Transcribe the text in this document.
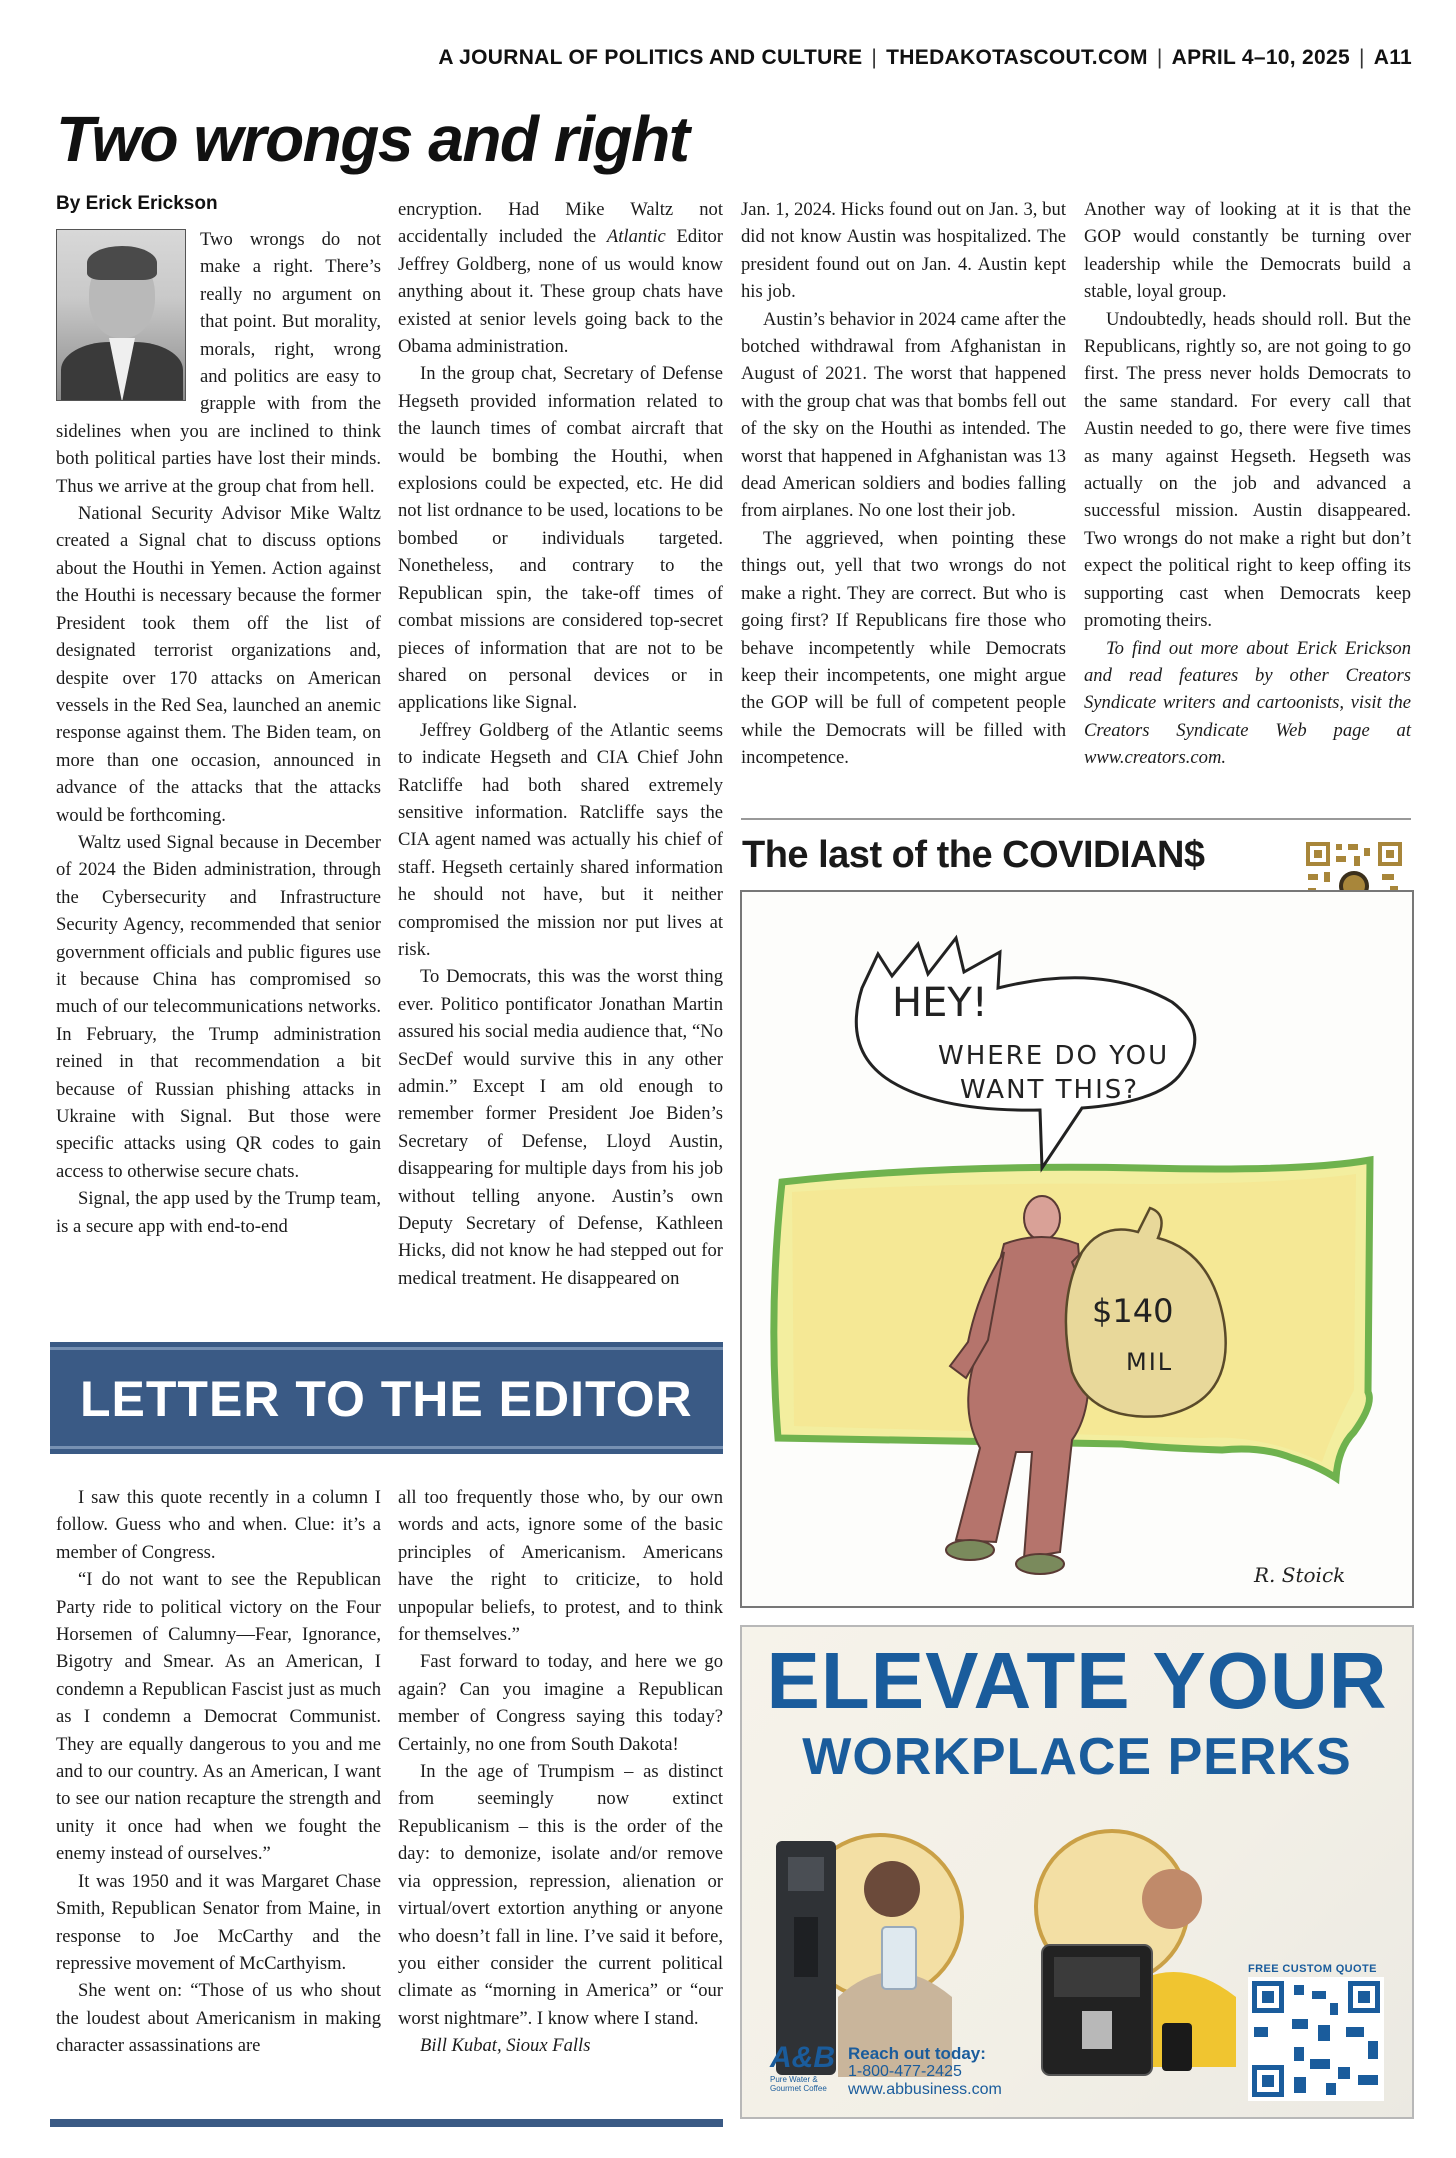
A JOURNAL OF POLITICS AND CULTURE | THEDAKOTASCOUT.COM | APRIL 4–10, 2025 | A11
Two wrongs and right
By Erick Erickson

Two wrongs do not make a right. There’s really no argument on that point. But morality, morals, right, wrong and politics are easy to grapple with from the sidelines when you are inclined to think both political parties have lost their minds. Thus we arrive at the group chat from hell.

National Security Advisor Mike Waltz created a Signal chat to discuss options about the Houthi in Yemen. Action against the Houthi is necessary because the former President took them off the list of designated terrorist organizations and, despite over 170 attacks on American vessels in the Red Sea, launched an anemic response against them. The Biden team, on more than one occasion, announced in advance of the attacks that the attacks would be forthcoming.

Waltz used Signal because in December of 2024 the Biden administration, through the Cybersecurity and Infrastructure Security Agency, recommended that senior government officials and public figures use it because China has compromised so much of our telecommunications networks. In February, the Trump administration reined in that recommendation a bit because of Russian phishing attacks in Ukraine with Signal. But those were specific attacks using QR codes to gain access to otherwise secure chats.

Signal, the app used by the Trump team, is a secure app with end-to-end

encryption. Had Mike Waltz not accidentally included the Atlantic Editor Jeffrey Goldberg, none of us would know anything about it. These group chats have existed at senior levels going back to the Obama administration.

In the group chat, Secretary of Defense Hegseth provided information related to the launch times of combat aircraft that would be bombing the Houthi, when explosions could be expected, etc. He did not list ordnance to be used, locations to be bombed or individuals targeted. Nonetheless, and contrary to the Republican spin, the take-off times of combat missions are considered top-secret pieces of information that are not to be shared on personal devices or in applications like Signal.

Jeffrey Goldberg of the Atlantic seems to indicate Hegseth and CIA Chief John Ratcliffe had both shared extremely sensitive information. Ratcliffe says the CIA agent named was actually his chief of staff. Hegseth certainly shared information he should not have, but it neither compromised the mission nor put lives at risk.

To Democrats, this was the worst thing ever. Politico pontificator Jonathan Martin assured his social media audience that, “No SecDef would survive this in any other admin.” Except I am old enough to remember former President Joe Biden’s Secretary of Defense, Lloyd Austin, disappearing for multiple days from his job without telling anyone. Austin’s own Deputy Secretary of Defense, Kathleen Hicks, did not know he had stepped out for medical treatment. He disappeared on

Jan. 1, 2024. Hicks found out on Jan. 3, but did not know Austin was hospitalized. The president found out on Jan. 4. Austin kept his job.

Austin’s behavior in 2024 came after the botched withdrawal from Afghanistan in August of 2021. The worst that happened with the group chat was that bombs fell out of the sky on the Houthi as intended. The worst that happened in Afghanistan was 13 dead American soldiers and bodies falling from airplanes. No one lost their job.

The aggrieved, when pointing these things out, yell that two wrongs do not make a right. They are correct. But who is going first? If Republicans fire those who behave incompetently while Democrats keep their incompetents, one might argue the GOP will be full of competent people while the Democrats will be filled with incompetence.

Another way of looking at it is that the GOP would constantly be turning over leadership while the Democrats build a stable, loyal group.

Undoubtedly, heads should roll. But the Republicans, rightly so, are not going to go first. The press never holds Democrats to the same standard. For every call that Austin needed to go, there were five times as many against Hegseth. Hegseth was actually on the job and advanced a successful mission. Austin disappeared. Two wrongs do not make a right but don’t expect the political right to keep offing its supporting cast when Democrats keep promoting theirs.

To find out more about Erick Erickson and read features by other Creators Syndicate writers and cartoonists, visit the Creators Syndicate Web page at www.creators.com.

LETTER TO THE EDITOR

I saw this quote recently in a column I follow. Guess who and when. Clue: it’s a member of Congress.

“I do not want to see the Republican Party ride to political victory on the Four Horsemen of Calumny—Fear, Ignorance, Bigotry and Smear. As an American, I condemn a Republican Fascist just as much as I condemn a Democrat Communist. They are equally dangerous to you and me and to our country. As an American, I want to see our nation recapture the strength and unity it once had when we fought the enemy instead of ourselves.”

It was 1950 and it was Margaret Chase Smith, Republican Senator from Maine, in response to Joe McCarthy and the repressive movement of McCarthyism.

She went on: “Those of us who shout the loudest about Americanism in making character assassinations are

all too frequently those who, by our own words and acts, ignore some of the basic principles of Americanism. Americans have the right to criticize, to hold unpopular beliefs, to protest, and to think for themselves.”

Fast forward to today, and here we go again? Can you imagine a Republican member of Congress saying this today? Certainly, no one from South Dakota!

In the age of Trumpism – as distinct from seemingly now extinct Republicanism – this is the order of the day: to demonize, isolate and/or remove via oppression, repression, alienation or virtual/overt extortion anything or anyone who doesn’t fall in line. I’ve said it before, you either consider the current political climate as “morning in America” or “our worst nightmare”. I know where I stand.

Bill Kubat, Sioux Falls

The last of the COVIDIAN$
HEY!
WHERE DO YOU
WANT THIS?
$140
MIL
R. Stoick
ELEVATE YOUR
WORKPLACE PERKS
FREE CUSTOM QUOTE
A&B
Pure Water & Gourmet Coffee
Reach out today:
1-800-477-2425
www.abbusiness.com
